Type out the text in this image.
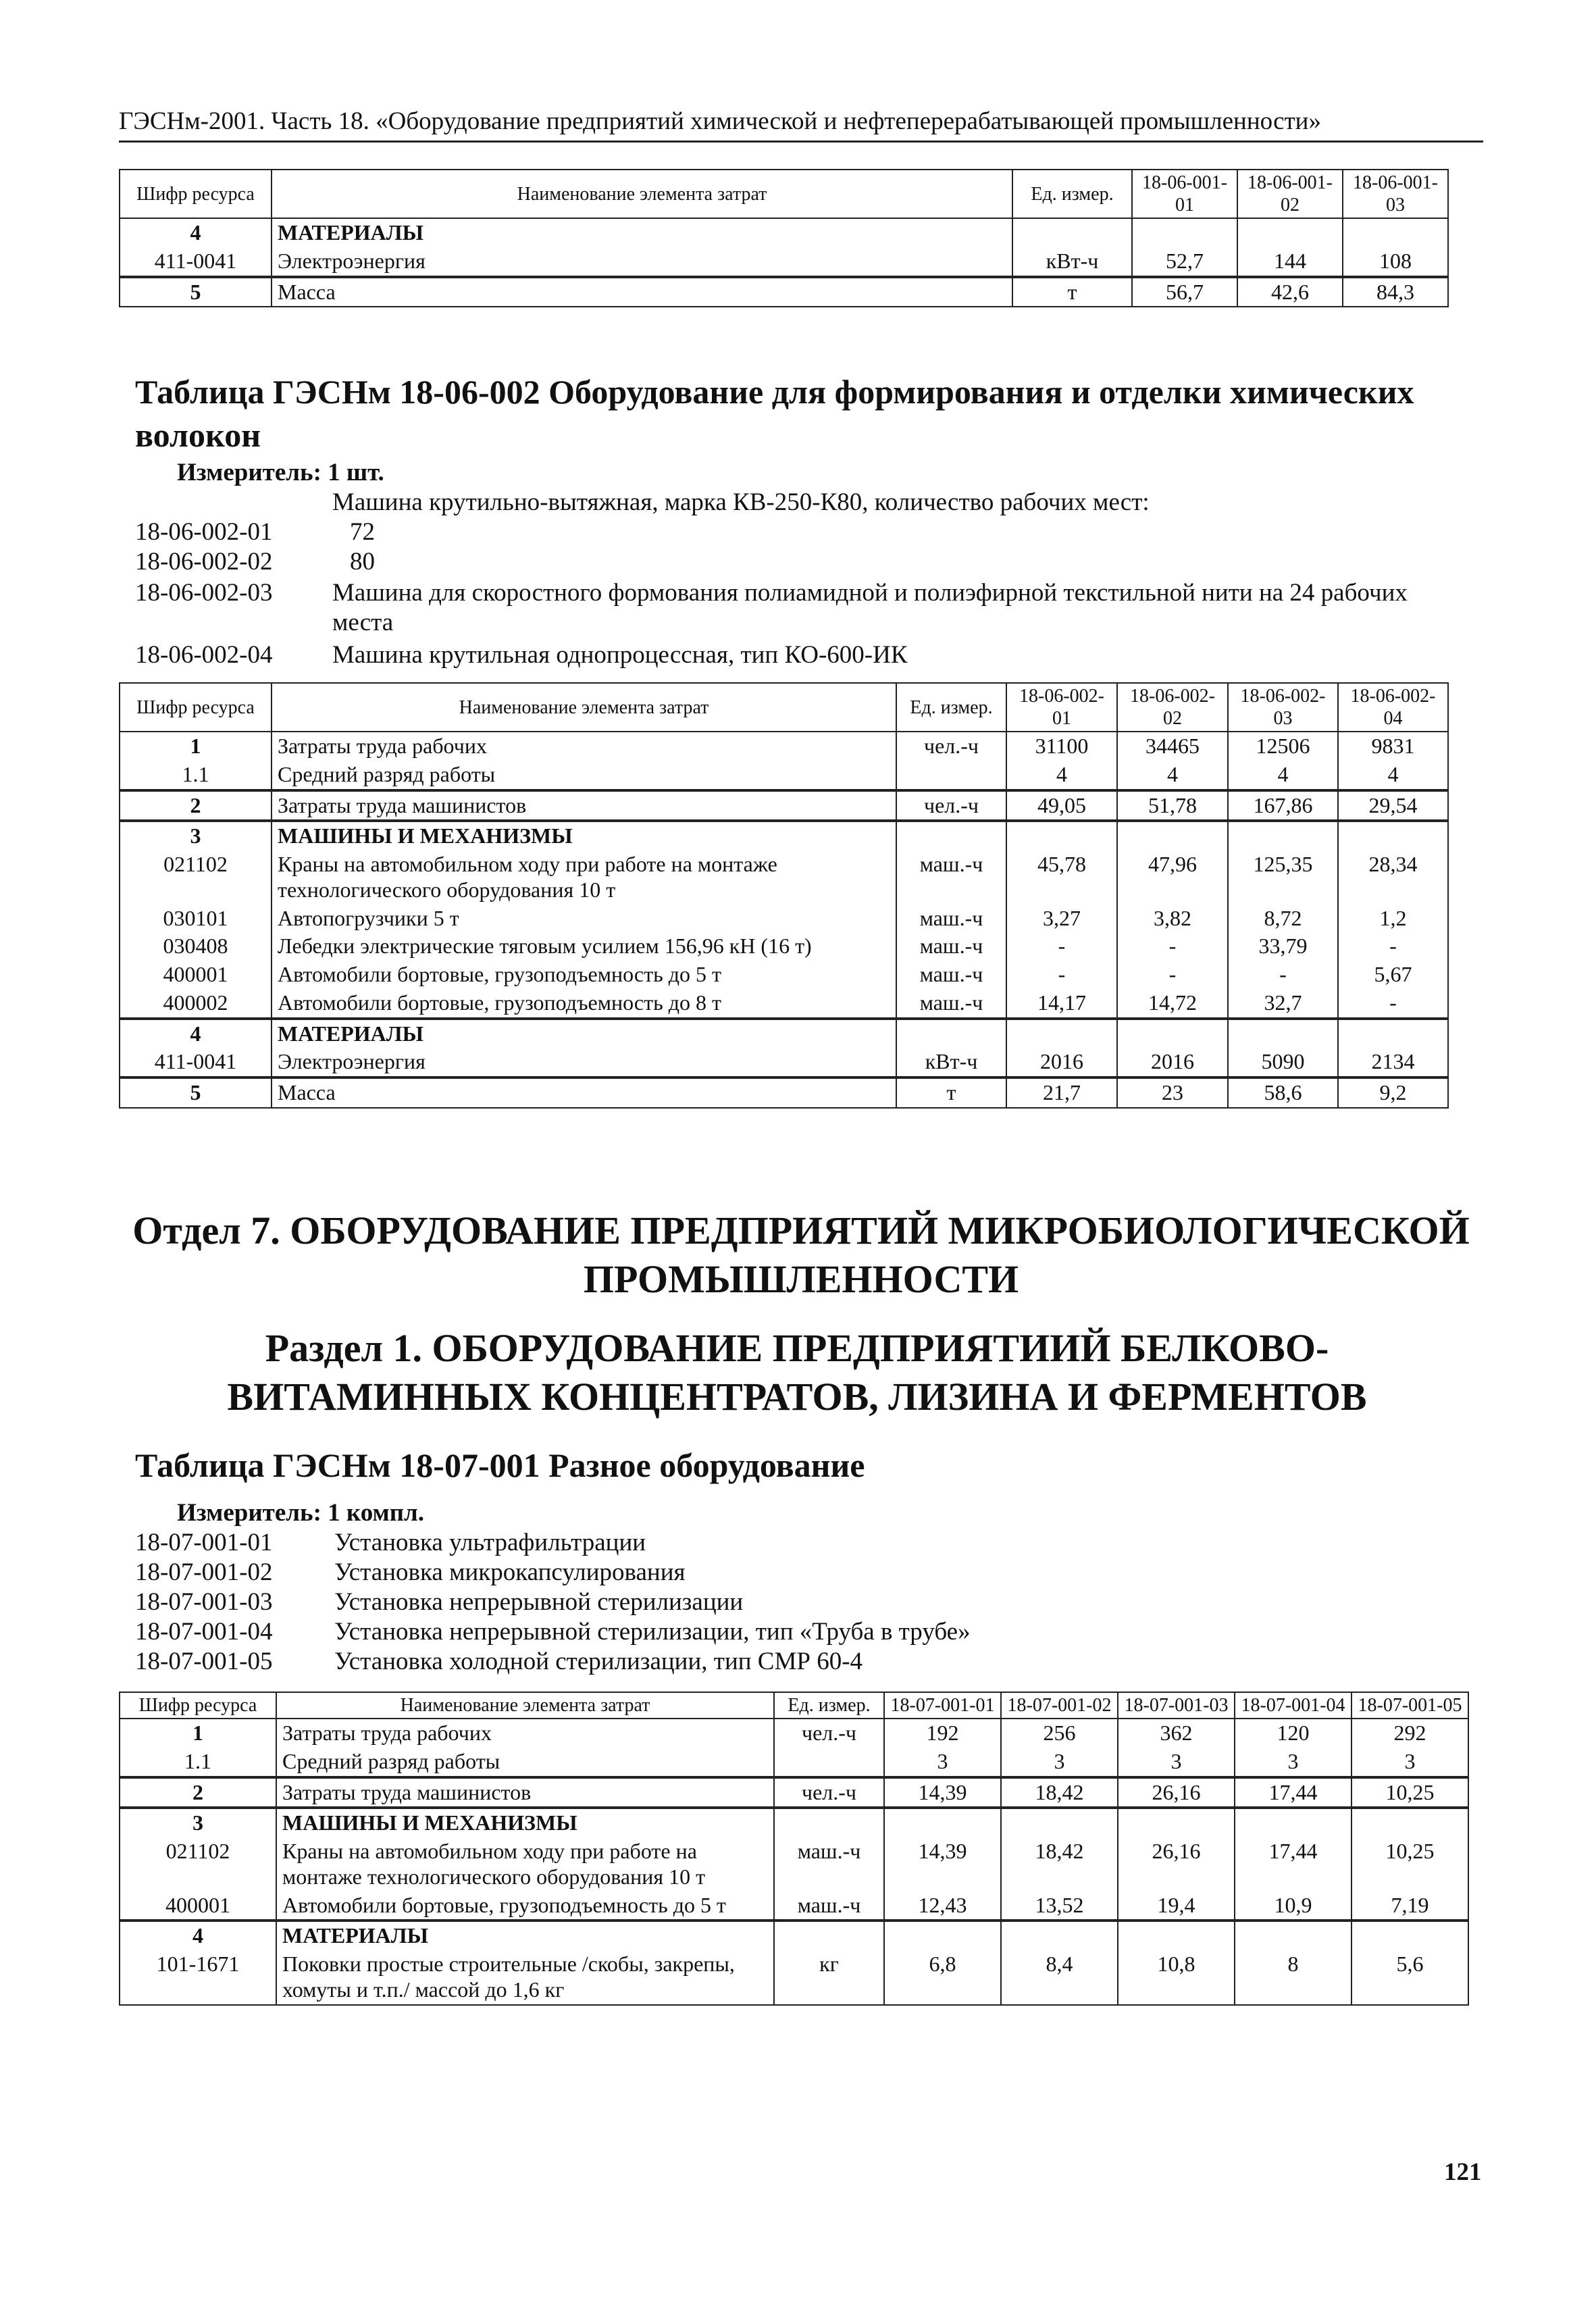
ГЭСНм-2001. Часть 18. «Оборудование предприятий химической и нефтеперерабатывающей промышленности»
Шифр ресурса	Наименование элемента затрат	Ед. измер.	18-06-001-01	18-06-001-02	18-06-001-03
4	МАТЕРИАЛЫ				
411-0041	Электроэнергия	кВт-ч	52,7	144	108
5	Масса	т	56,7	42,6	84,3
Таблица ГЭСНм 18-06-002 Оборудование для формирования и отделки химических волокон
Измеритель: 1 шт.
Машина крутильно-вытяжная, марка КВ-250-К80, количество рабочих мест:
18-06-002-01	72
18-06-002-02	80
18-06-002-03 Машина для скоростного формования полиамидной и полиэфирной текстильной нити на 24 рабочих места
18-06-002-04 Машина крутильная однопроцессная, тип КО-600-ИК
Шифр ресурса	Наименование элемента затрат	Ед. измер.	18-06-002-01	18-06-002-02	18-06-002-03	18-06-002-04
1	Затраты труда рабочих	чел.-ч	31100	34465	12506	9831
1.1	Средний разряд работы		4	4	4	4
2	Затраты труда машинистов	чел.-ч	49,05	51,78	167,86	29,54
3	МАШИНЫ И МЕХАНИЗМЫ					
021102	Краны на автомобильном ходу при работе на монтаже технологического оборудования 10 т	маш.-ч	45,78	47,96	125,35	28,34
030101	Автопогрузчики 5 т	маш.-ч	3,27	3,82	8,72	1,2
030408	Лебедки электрические тяговым усилием 156,96 кН (16 т)	маш.-ч	-	-	33,79	-
400001	Автомобили бортовые, грузоподъемность до 5 т	маш.-ч	-	-	-	5,67
400002	Автомобили бортовые, грузоподъемность до 8 т	маш.-ч	14,17	14,72	32,7	-
4	МАТЕРИАЛЫ					
411-0041	Электроэнергия	кВт-ч	2016	2016	5090	2134
5	Масса	т	21,7	23	58,6	9,2
Отдел 7. ОБОРУДОВАНИЕ ПРЕДПРИЯТИЙ МИКРОБИОЛОГИЧЕСКОЙ ПРОМЫШЛЕННОСТИ
Раздел 1. ОБОРУДОВАНИЕ ПРЕДПРИЯТИИЙ БЕЛКОВО-ВИТАМИННЫХ КОНЦЕНТРАТОВ, ЛИЗИНА И ФЕРМЕНТОВ
Таблица ГЭСНм 18-07-001 Разное оборудование
Измеритель: 1 компл.
18-07-001-01 Установка ультрафильтрации
18-07-001-02 Установка микрокапсулирования
18-07-001-03 Установка непрерывной стерилизации
18-07-001-04 Установка непрерывной стерилизации, тип «Труба в трубе»
18-07-001-05 Установка холодной стерилизации, тип СМР 60-4
Шифр ресурса	Наименование элемента затрат	Ед. измер.	18-07-001-01	18-07-001-02	18-07-001-03	18-07-001-04	18-07-001-05
1	Затраты труда рабочих	чел.-ч	192	256	362	120	292
1.1	Средний разряд работы		3	3	3	3	3
2	Затраты труда машинистов	чел.-ч	14,39	18,42	26,16	17,44	10,25
3	МАШИНЫ И МЕХАНИЗМЫ						
021102	Краны на автомобильном ходу при работе на монтаже технологического оборудования 10 т	маш.-ч	14,39	18,42	26,16	17,44	10,25
400001	Автомобили бортовые, грузоподъемность до 5 т	маш.-ч	12,43	13,52	19,4	10,9	7,19
4	МАТЕРИАЛЫ						
101-1671	Поковки простые строительные /скобы, закрепы, хомуты и т.п./ массой до 1,6 кг	кг	6,8	8,4	10,8	8	5,6
121
